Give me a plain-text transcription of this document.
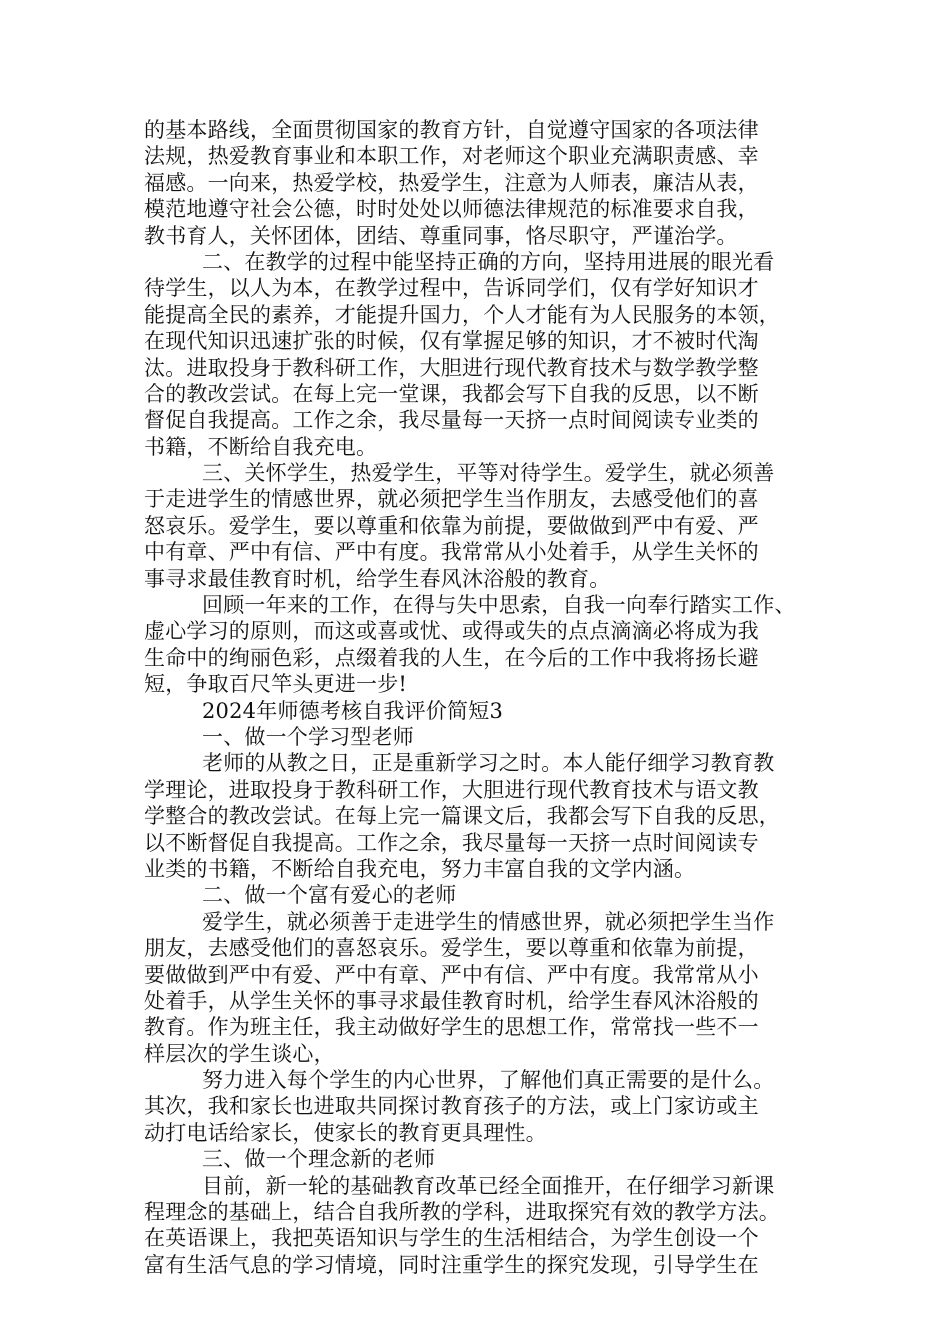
的基本路线，全面贯彻国家的教育方针，自觉遵守国家的各项法律
法规，热爱教育事业和本职工作，对老师这个职业充满职责感、幸
福感。一向来，热爱学校，热爱学生，注意为人师表，廉洁从表，
模范地遵守社会公德，时时处处以师德法律规范的标准要求自我，
教书育人，关怀团体，团结、尊重同事，恪尽职守，严谨治学。
二、在教学的过程中能坚持正确的方向，坚持用进展的眼光看
待学生，以人为本，在教学过程中，告诉同学们，仅有学好知识才
能提高全民的素养，才能提升国力，个人才能有为人民服务的本领，
在现代知识迅速扩张的时候，仅有掌握足够的知识，才不被时代淘
汰。进取投身于教科研工作，大胆进行现代教育技术与数学教学整
合的教改尝试。在每上完一堂课，我都会写下自我的反思，以不断
督促自我提高。工作之余，我尽量每一天挤一点时间阅读专业类的
书籍，不断给自我充电。
三、关怀学生，热爱学生，平等对待学生。爱学生，就必须善
于走进学生的情感世界，就必须把学生当作朋友，去感受他们的喜
怒哀乐。爱学生，要以尊重和依靠为前提，要做做到严中有爱、严
中有章、严中有信、严中有度。我常常从小处着手，从学生关怀的
事寻求最佳教育时机，给学生春风沐浴般的教育。
回顾一年来的工作，在得与失中思索，自我一向奉行踏实工作、
虚心学习的原则，而这或喜或忧、或得或失的点点滴滴必将成为我
生命中的绚丽色彩，点缀着我的人生，在今后的工作中我将扬长避
短，争取百尺竿头更进一步!
2024年师德考核自我评价简短3
一、做一个学习型老师
老师的从教之日，正是重新学习之时。本人能仔细学习教育教
学理论，进取投身于教科研工作，大胆进行现代教育技术与语文教
学整合的教改尝试。在每上完一篇课文后，我都会写下自我的反思，
以不断督促自我提高。工作之余，我尽量每一天挤一点时间阅读专
业类的书籍，不断给自我充电，努力丰富自我的文学内涵。
二、做一个富有爱心的老师
爱学生，就必须善于走进学生的情感世界，就必须把学生当作
朋友，去感受他们的喜怒哀乐。爱学生，要以尊重和依靠为前提，
要做做到严中有爱、严中有章、严中有信、严中有度。我常常从小
处着手，从学生关怀的事寻求最佳教育时机，给学生春风沐浴般的
教育。作为班主任，我主动做好学生的思想工作，常常找一些不一
样层次的学生谈心，
努力进入每个学生的内心世界，了解他们真正需要的是什么。
其次，我和家长也进取共同探讨教育孩子的方法，或上门家访或主
动打电话给家长，使家长的教育更具理性。
三、做一个理念新的老师
目前，新一轮的基础教育改革已经全面推开，在仔细学习新课
程理念的基础上，结合自我所教的学科，进取探究有效的教学方法。
在英语课上，我把英语知识与学生的生活相结合，为学生创设一个
富有生活气息的学习情境，同时注重学生的探究发现，引导学生在
